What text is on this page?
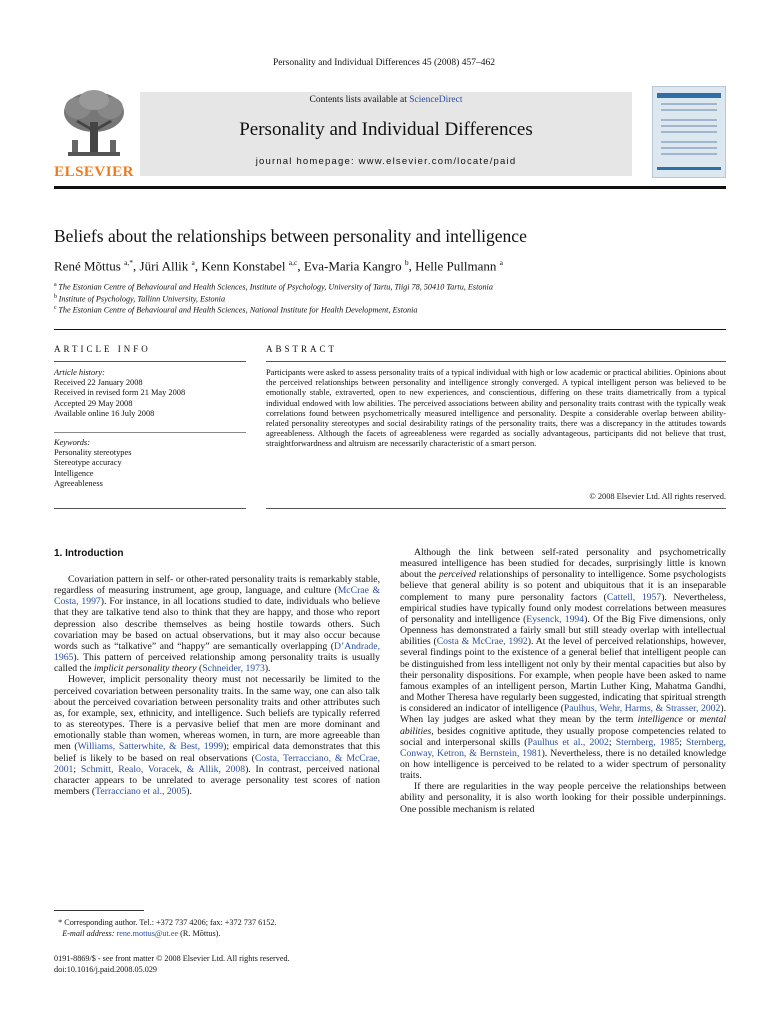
Personality and Individual Differences 45 (2008) 457–462
ELSEVIER
Contents lists available at ScienceDirect
Personality and Individual Differences
journal homepage: www.elsevier.com/locate/paid
Beliefs about the relationships between personality and intelligence
René Mõttus $^{a,*}$, Jüri Allik $^a$, Kenn Konstabel $^{a,c}$, Eva-Maria Kangro $^b$, Helle Pullmann $^a$
$^a$  The Estonian Centre of Behavioural and Health Sciences, Institute of Psychology, University of Tartu, Tiigi 78, 50410 Tartu, Estonia
$^b$  Institute of Psychology, Tallinn University, Estonia
$^c$  The Estonian Centre of Behavioural and Health Sciences, National Institute for Health Development, Estonia
ARTICLE INFO	ABSTRACT
Article history:
Received 22 January 2008
Received in revised form 21 May 2008
Accepted 29 May 2008
Available online 16 July 2008
Keywords:
Personality stereotypes
Stereotype accuracy
Intelligence
Agreeableness
Participants were asked to assess personality traits of a typical individual with high or low academic or practical abilities. Opinions about the perceived relationships between personality and intelligence strongly converged. A typical intelligent person was believed to be emotionally stable, extraverted, open to new experiences, and conscientious, differing on these traits diametrically from a typical individual endowed with low abilities. The perceived associations between ability and personality traits contrast with the typically weak correlations found between psychometrically measured intelligence and personality. Despite a considerable overlap between ability-related personality stereotypes and social desirability ratings of the personality traits, there was a discrepancy in the attitudes towards agreeableness. Although the facets of agreeableness were regarded as socially advantageous, participants did not believe that trust, straightforwardness and altruism are necessarily characteristic of a smart person.
© 2008 Elsevier Ltd. All rights reserved.
1. Introduction

Covariation pattern in self- or other-rated personality traits is remarkably stable, regardless of measuring instrument, age group, language, and culture (McCrae & Costa, 1997). For instance, in all locations studied to date, individuals who believe that they are talkative tend also to think that they are happy, and those who report depression also describe themselves as being hostile towards others. Such covariation may be based on actual observations, but it may also occur because words such as “talkative” and “happy” are semantically overlapping (D’Andrade, 1965). This pattern of perceived relationship among personality traits is usually called the implicit personality theory (Schneider, 1973).

However, implicit personality theory must not necessarily be limited to the perceived covariation between personality traits. In the same way, one can also talk about the perceived covariation between personality traits and other attributes such as, for example, sex, ethnicity, and intelligence. Such beliefs are typically referred to as stereotypes. There is a pervasive belief that men are more dominant and emotionally stable than women, whereas women, in turn, are more agreeable than men (Williams, Satterwhite, & Best, 1999); empirical data demonstrates that this belief is likely to be based on real observations (Costa, Terracciano, & McCrae, 2001; Schmitt, Realo, Voracek, & Allik, 2008). In contrast, perceived national character appears to be unrelated to average personality test scores of nation members (Terracciano et al., 2005).

Although the link between self-rated personality and psychometrically measured intelligence has been studied for decades, surprisingly little is known about the perceived relationships of personality to intelligence. Some psychologists believe that general ability is so potent and ubiquitous that it is an inseparable complement to many pure personality factors (Cattell, 1957). Nevertheless, empirical studies have typically found only modest correlations between measures of personality and intelligence (Eysenck, 1994). Of the Big Five dimensions, only Openness has demonstrated a fairly small but still steady overlap with intellectual abilities (Costa & McCrae, 1992). At the level of perceived relationships, however, several findings point to the existence of a general belief that intelligent people can be distinguished from less intelligent not only by their mental capacities but also by their personality dispositions. For example, when people have been asked to name famous examples of an intelligent person, Martin Luther King, Mahatma Gandhi, and Mother Theresa have regularly been suggested, indicating that spiritual strength is considered an indicator of intelligence (Paulhus, Wehr, Harms, & Strasser, 2002). When lay judges are asked what they mean by the term intelligence or mental abilities, besides cognitive aptitude, they usually propose competencies related to social and interpersonal skills (Paulhus et al., 2002; Sternberg, 1985; Sternberg, Conway, Ketron, & Bernstein, 1981). Nevertheless, there is no detailed knowledge on how intelligence is perceived to be related to a wider spectrum of personality traits.

If there are regularities in the way people perceive the relationships between ability and personality, it is also worth looking for their possible underpinnings. One possible mechanism is related

* Corresponding author. Tel.: +372 737 4206; fax: +372 737 6152.
E-mail address: rene.mottus@ut.ee (R. Mõttus).
0191-8869/$ - see front matter © 2008 Elsevier Ltd. All rights reserved.
doi:10.1016/j.paid.2008.05.029
